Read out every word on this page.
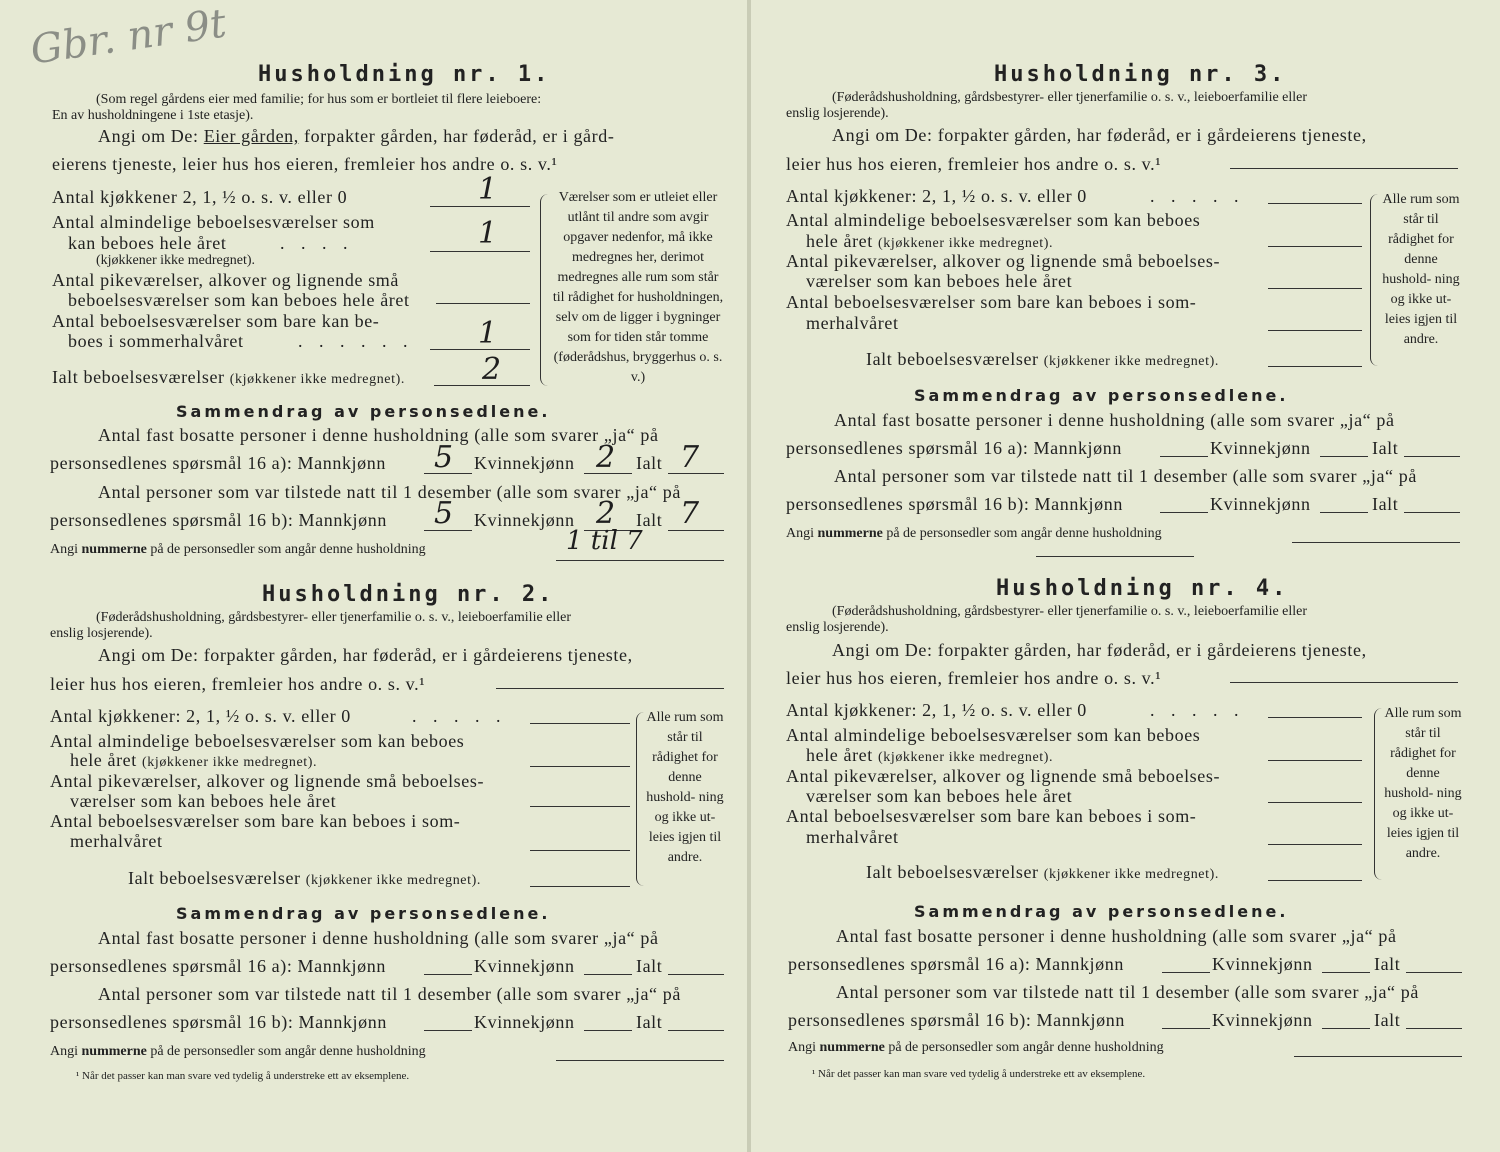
Gbr. nr 9t
Husholdning nr. 1.
(Som regel gårdens eier med familie; for hus som er bortleiet til flere leieboere:
En av husholdningene i 1ste etasje).
Angi om De: Eier gården, forpakter gården, har føderåd, er i gård-
eierens tjeneste, leier hus hos eieren, fremleier hos andre o. s. v.¹
Antal kjøkkener 2, 1, ½ o. s. v. eller 0	1
Antal almindelige beboelsesværelser som
kan beboes hele året	. . . .	1
(kjøkkener ikke medregnet).
Antal pikeværelser, alkover og lignende små
beboelsesværelser som kan beboes hele året
Antal beboelsesværelser som bare kan be-
boes i sommerhalvåret	. . . . . . 1
Ialt beboelsesværelser (kjøkkener ikke medregnet).	2
Værelser som er utleiet eller utlånt til andre som avgir opgaver nedenfor, må ikke medregnes her, derimot medregnes alle rum som står til rådighet for husholdningen, selv om de ligger i bygninger som for tiden står tomme (føderådshus, bryggerhus o. s. v.)
Sammendrag av personsedlene.
Antal fast bosatte personer i denne husholdning (alle som svarer „ja“ på
personsedlenes spørsmål 16 a): Mannkjønn 5 Kvinnekjønn 2 Ialt 7
Antal personer som var tilstede natt til 1 desember (alle som svarer „ja“ på
personsedlenes spørsmål 16 b): Mannkjønn 5 Kvinnekjønn 2 Ialt 7
Angi nummerne på de personsedler som angår denne husholdning	1 til 7
Husholdning nr. 2.
(Føderådshusholdning, gårdsbestyrer- eller tjenerfamilie o. s. v., leieboerfamilie eller
enslig losjerende).
Angi om De: forpakter gården, har føderåd, er i gårdeierens tjeneste,
leier hus hos eieren, fremleier hos andre o. s. v.¹
Antal kjøkkener: 2, 1, ½ o. s. v. eller 0	. . . . .
Antal almindelige beboelsesværelser som kan beboes
hele året (kjøkkener ikke medregnet).
Antal pikeværelser, alkover og lignende små beboelses-
værelser som kan beboes hele året
Antal beboelsesværelser som bare kan beboes i som-
merhalvåret
Ialt beboelsesværelser (kjøkkener ikke medregnet).
Alle rum som står til rådighet for denne hushold- ning og ikke ut- leies igjen til andre.
Sammendrag av personsedlene.
Antal fast bosatte personer i denne husholdning (alle som svarer „ja“ på
personsedlenes spørsmål 16 a): Mannkjønn	Kvinnekjønn	Ialt
Antal personer som var tilstede natt til 1 desember (alle som svarer „ja“ på
personsedlenes spørsmål 16 b): Mannkjønn	Kvinnekjønn	Ialt
Angi nummerne på de personsedler som angår denne husholdning
¹ Når det passer kan man svare ved tydelig å understreke ett av eksemplene.
Husholdning nr. 3.
(Føderådshusholdning, gårdsbestyrer- eller tjenerfamilie o. s. v., leieboerfamilie eller
enslig losjerende).
Angi om De: forpakter gården, har føderåd, er i gårdeierens tjeneste,
leier hus hos eieren, fremleier hos andre o. s. v.¹
Antal kjøkkener: 2, 1, ½ o. s. v. eller 0	. . . . .
Antal almindelige beboelsesværelser som kan beboes
hele året (kjøkkener ikke medregnet).
Antal pikeværelser, alkover og lignende små beboelses-
værelser som kan beboes hele året
Antal beboelsesværelser som bare kan beboes i som-
merhalvåret
Ialt beboelsesværelser (kjøkkener ikke medregnet).
Alle rum som står til rådighet for denne hushold- ning og ikke ut- leies igjen til andre.
Sammendrag av personsedlene.
Antal fast bosatte personer i denne husholdning (alle som svarer „ja“ på
personsedlenes spørsmål 16 a): Mannkjønn	Kvinnekjønn	Ialt
Antal personer som var tilstede natt til 1 desember (alle som svarer „ja“ på
personsedlenes spørsmål 16 b): Mannkjønn	Kvinnekjønn	Ialt
Angi nummerne på de personsedler som angår denne husholdning
Husholdning nr. 4.
(Føderådshusholdning, gårdsbestyrer- eller tjenerfamilie o. s. v., leieboerfamilie eller
enslig losjerende).
Angi om De: forpakter gården, har føderåd, er i gårdeierens tjeneste,
leier hus hos eieren, fremleier hos andre o. s. v.¹
Antal kjøkkener: 2, 1, ½ o. s. v. eller 0	. . . . .
Antal almindelige beboelsesværelser som kan beboes
hele året (kjøkkener ikke medregnet).
Antal pikeværelser, alkover og lignende små beboelses-
værelser som kan beboes hele året
Antal beboelsesværelser som bare kan beboes i som-
merhalvåret
Ialt beboelsesværelser (kjøkkener ikke medregnet).
Alle rum som står til rådighet for denne hushold- ning og ikke ut- leies igjen til andre.
Sammendrag av personsedlene.
Antal fast bosatte personer i denne husholdning (alle som svarer „ja“ på
personsedlenes spørsmål 16 a): Mannkjønn	Kvinnekjønn	Ialt
Antal personer som var tilstede natt til 1 desember (alle som svarer „ja“ på
personsedlenes spørsmål 16 b): Mannkjønn	Kvinnekjønn	Ialt
Angi nummerne på de personsedler som angår denne husholdning
¹ Når det passer kan man svare ved tydelig å understreke ett av eksemplene.
